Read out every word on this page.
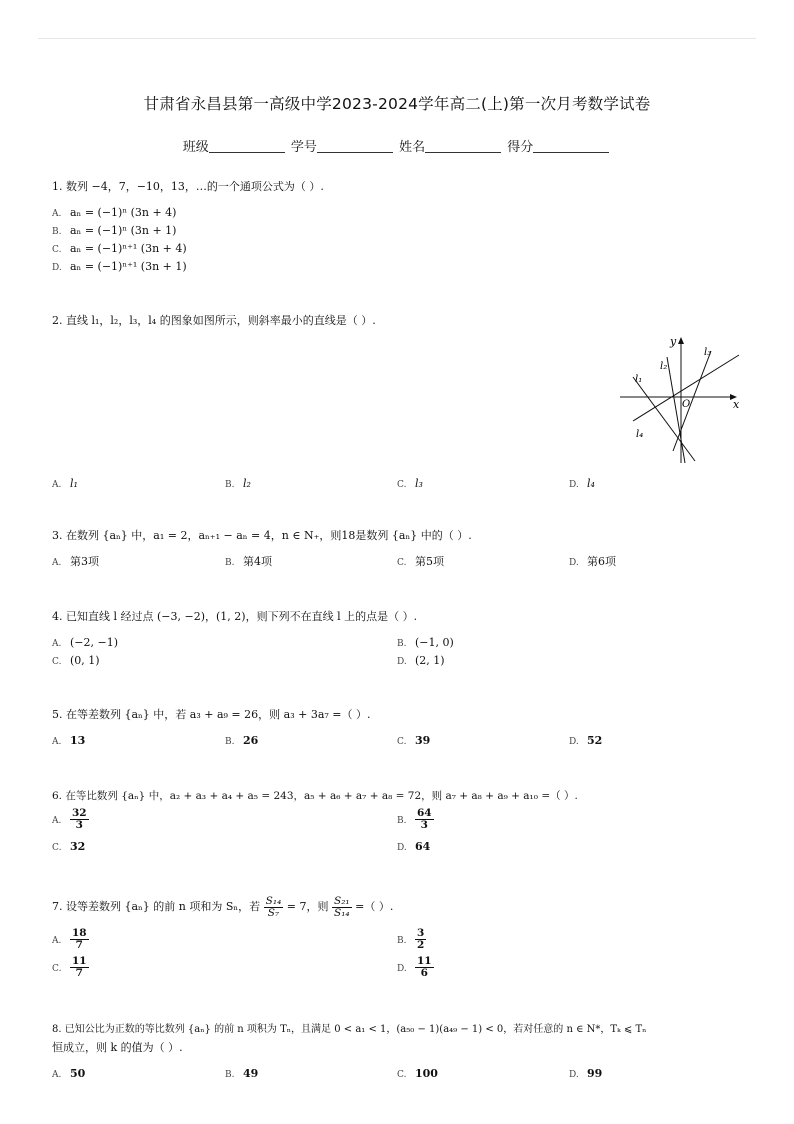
甘肃省永昌县第一高级中学2023-2024学年高二(上)第一次月考数学试卷
班级	学号	姓名	得分
1. 数列 −4，7，−10，13，…的一个通项公式为（ ）.
A. aₙ = (−1)ⁿ (3n + 4)
B. aₙ = (−1)ⁿ (3n + 1)
C. aₙ = (−1)ⁿ⁺¹ (3n + 4)
D. aₙ = (−1)ⁿ⁺¹ (3n + 1)
2. 直线 l₁，l₂，l₃，l₄ 的图象如图所示，则斜率最小的直线是（ ）.
y
x
O
l₁
l₂
l₃
l₄
A. l₁	B. l₂	C. l₃	D. l₄
3. 在数列 {aₙ} 中，a₁ = 2，aₙ₊₁ − aₙ = 4，n ∈ N₊，则18是数列 {aₙ} 中的（ ）.
A. 第3项	B. 第4项	C. 第5项	D. 第6项
4. 已知直线 l 经过点 (−3, −2)，(1, 2)，则下列不在直线 l 上的点是（ ）.
A. (−2, −1)	B. (−1, 0)
C. (0, 1)	D. (2, 1)
5. 在等差数列 {aₙ} 中，若 a₃ + a₉ = 26，则 a₃ + 3a₇ =（ ）.
A. 13	B. 26	C. 39	D. 52
6. 在等比数列 {aₙ} 中，a₂ + a₃ + a₄ + a₅ = 243，a₅ + a₆ + a₇ + a₈ = 72，则 a₇ + a₈ + a₉ + a₁₀ =（ ）.
A. $\frac{32}{3}$	B. $\frac{64}{3}$
C. 32	D. 64
7. 设等差数列 {aₙ} 的前 n 项和为 Sₙ，若 $\frac{\text{S₁₄}}{\text{S₇}} = 7$，则 $\frac{\text{S₂₁}}{\text{S₁₄}}$ =（ ）.
A. $\frac{18}{7}$	B. $\frac{3}{2}$
C. $\frac{11}{7}$	D. $\frac{11}{6}$
8. 已知公比为正数的等比数列 {aₙ} 的前 n 项积为 Tₙ，且满足 0 < a₁ < 1，(a₅₀ − 1)(a₄₉ − 1) < 0，若对任意的 n ∈ N*，Tₖ ⩽ Tₙ
恒成立，则 k 的值为（ ）.
A. 50	B. 49	C. 100	D. 99
